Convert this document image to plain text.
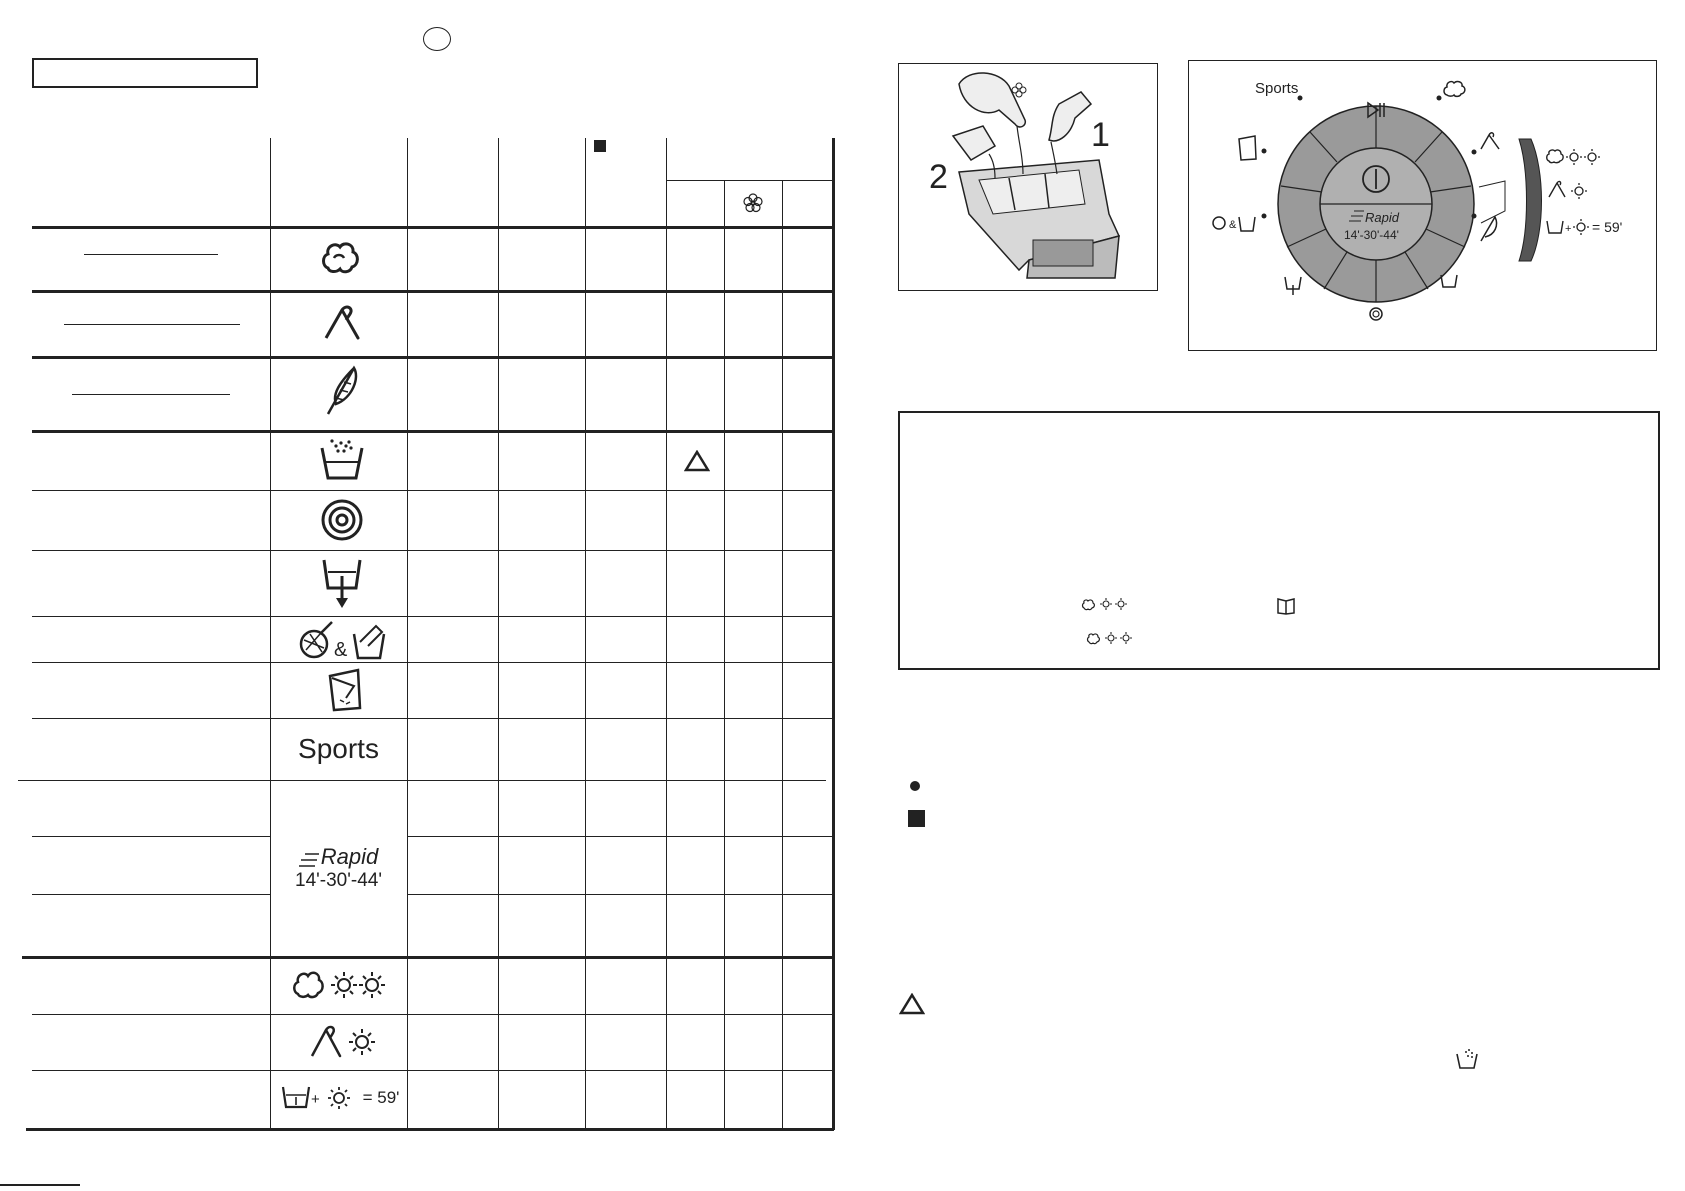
&
Sports
Rapid
14'-30'-44'
+	= 59'
1
2
Rapid
14'-30'-44'
Sports
&	+ = 59'
